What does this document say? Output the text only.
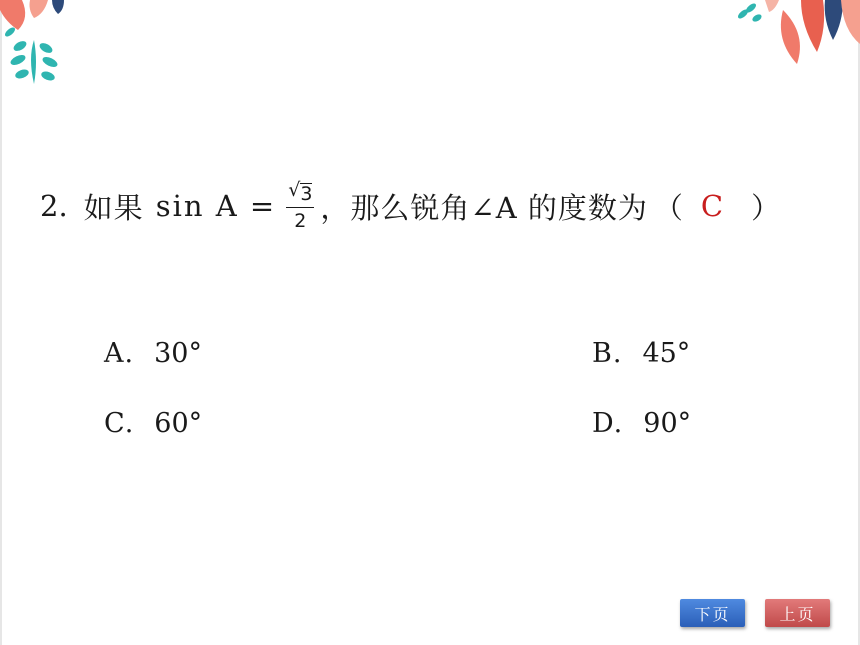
2. 如果 $\sin A = \frac{√ 3}{2}$ ，那么锐角∠A 的度数为 （ C ）
A. 30°	B. 45°
C. 60°	D. 90°
下页	上页
